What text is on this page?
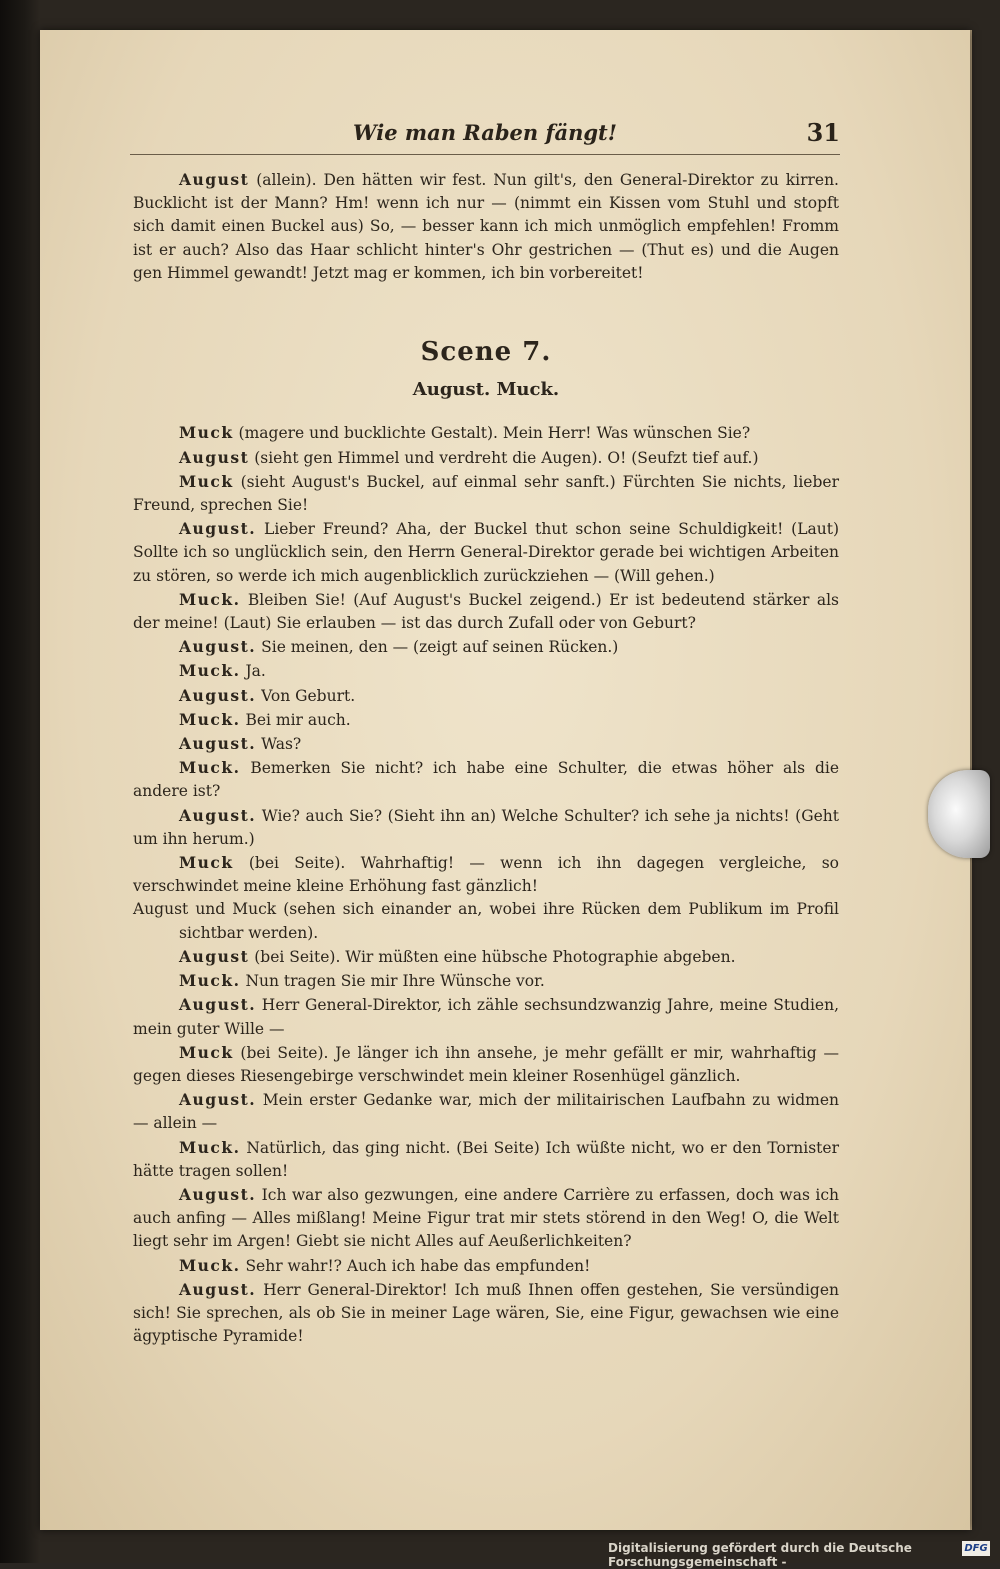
Wie man Raben fängt!	31

August (allein). Den hätten wir fest. Nun gilt's, den General-Direktor zu kirren. Bucklicht ist der Mann? Hm! wenn ich nur — (nimmt ein Kissen vom Stuhl und stopft sich damit einen Buckel aus) So, — besser kann ich mich unmöglich empfehlen! Fromm ist er auch? Also das Haar schlicht hinter's Ohr gestrichen — (Thut es) und die Augen gen Himmel gewandt! Jetzt mag er kommen, ich bin vorbereitet!

Scene 7.
August. Muck.

Muck (magere und bucklichte Gestalt). Mein Herr! Was wünschen Sie?

August (sieht gen Himmel und verdreht die Augen). O! (Seufzt tief auf.)

Muck (sieht August's Buckel, auf einmal sehr sanft.) Fürchten Sie nichts, lieber Freund, sprechen Sie!

August. Lieber Freund? Aha, der Buckel thut schon seine Schuldigkeit! (Laut) Sollte ich so unglücklich sein, den Herrn General-Direktor gerade bei wichtigen Arbeiten zu stören, so werde ich mich augenblicklich zurückziehen — (Will gehen.)

Muck. Bleiben Sie! (Auf August's Buckel zeigend.) Er ist bedeutend stärker als der meine! (Laut) Sie erlauben — ist das durch Zufall oder von Geburt?

August. Sie meinen, den — (zeigt auf seinen Rücken.)

Muck. Ja.

August. Von Geburt.

Muck. Bei mir auch.

August. Was?

Muck. Bemerken Sie nicht? ich habe eine Schulter, die etwas höher als die andere ist?

August. Wie? auch Sie? (Sieht ihn an) Welche Schulter? ich sehe ja nichts! (Geht um ihn herum.)

Muck (bei Seite). Wahrhaftig! — wenn ich ihn dagegen vergleiche, so verschwindet meine kleine Erhöhung fast gänzlich!

August und Muck (sehen sich einander an, wobei ihre Rücken dem Publikum im Profil sichtbar werden).

August (bei Seite). Wir müßten eine hübsche Photographie abgeben.

Muck. Nun tragen Sie mir Ihre Wünsche vor.

August. Herr General-Direktor, ich zähle sechsundzwanzig Jahre, meine Studien, mein guter Wille —

Muck (bei Seite). Je länger ich ihn ansehe, je mehr gefällt er mir, wahrhaftig — gegen dieses Riesengebirge verschwindet mein kleiner Rosenhügel gänzlich.

August. Mein erster Gedanke war, mich der militairischen Laufbahn zu widmen — allein —

Muck. Natürlich, das ging nicht. (Bei Seite) Ich wüßte nicht, wo er den Tornister hätte tragen sollen!

August. Ich war also gezwungen, eine andere Carrière zu erfassen, doch was ich auch anfing — Alles mißlang! Meine Figur trat mir stets störend in den Weg! O, die Welt liegt sehr im Argen! Giebt sie nicht Alles auf Aeußerlichkeiten?

Muck. Sehr wahr!? Auch ich habe das empfunden!

August. Herr General-Direktor! Ich muß Ihnen offen gestehen, Sie versündigen sich! Sie sprechen, als ob Sie in meiner Lage wären, Sie, eine Figur, gewachsen wie eine ägyptische Pyramide!

Digitalisierung gefördert durch die Deutsche Forschungsgemeinschaft -
DFG
